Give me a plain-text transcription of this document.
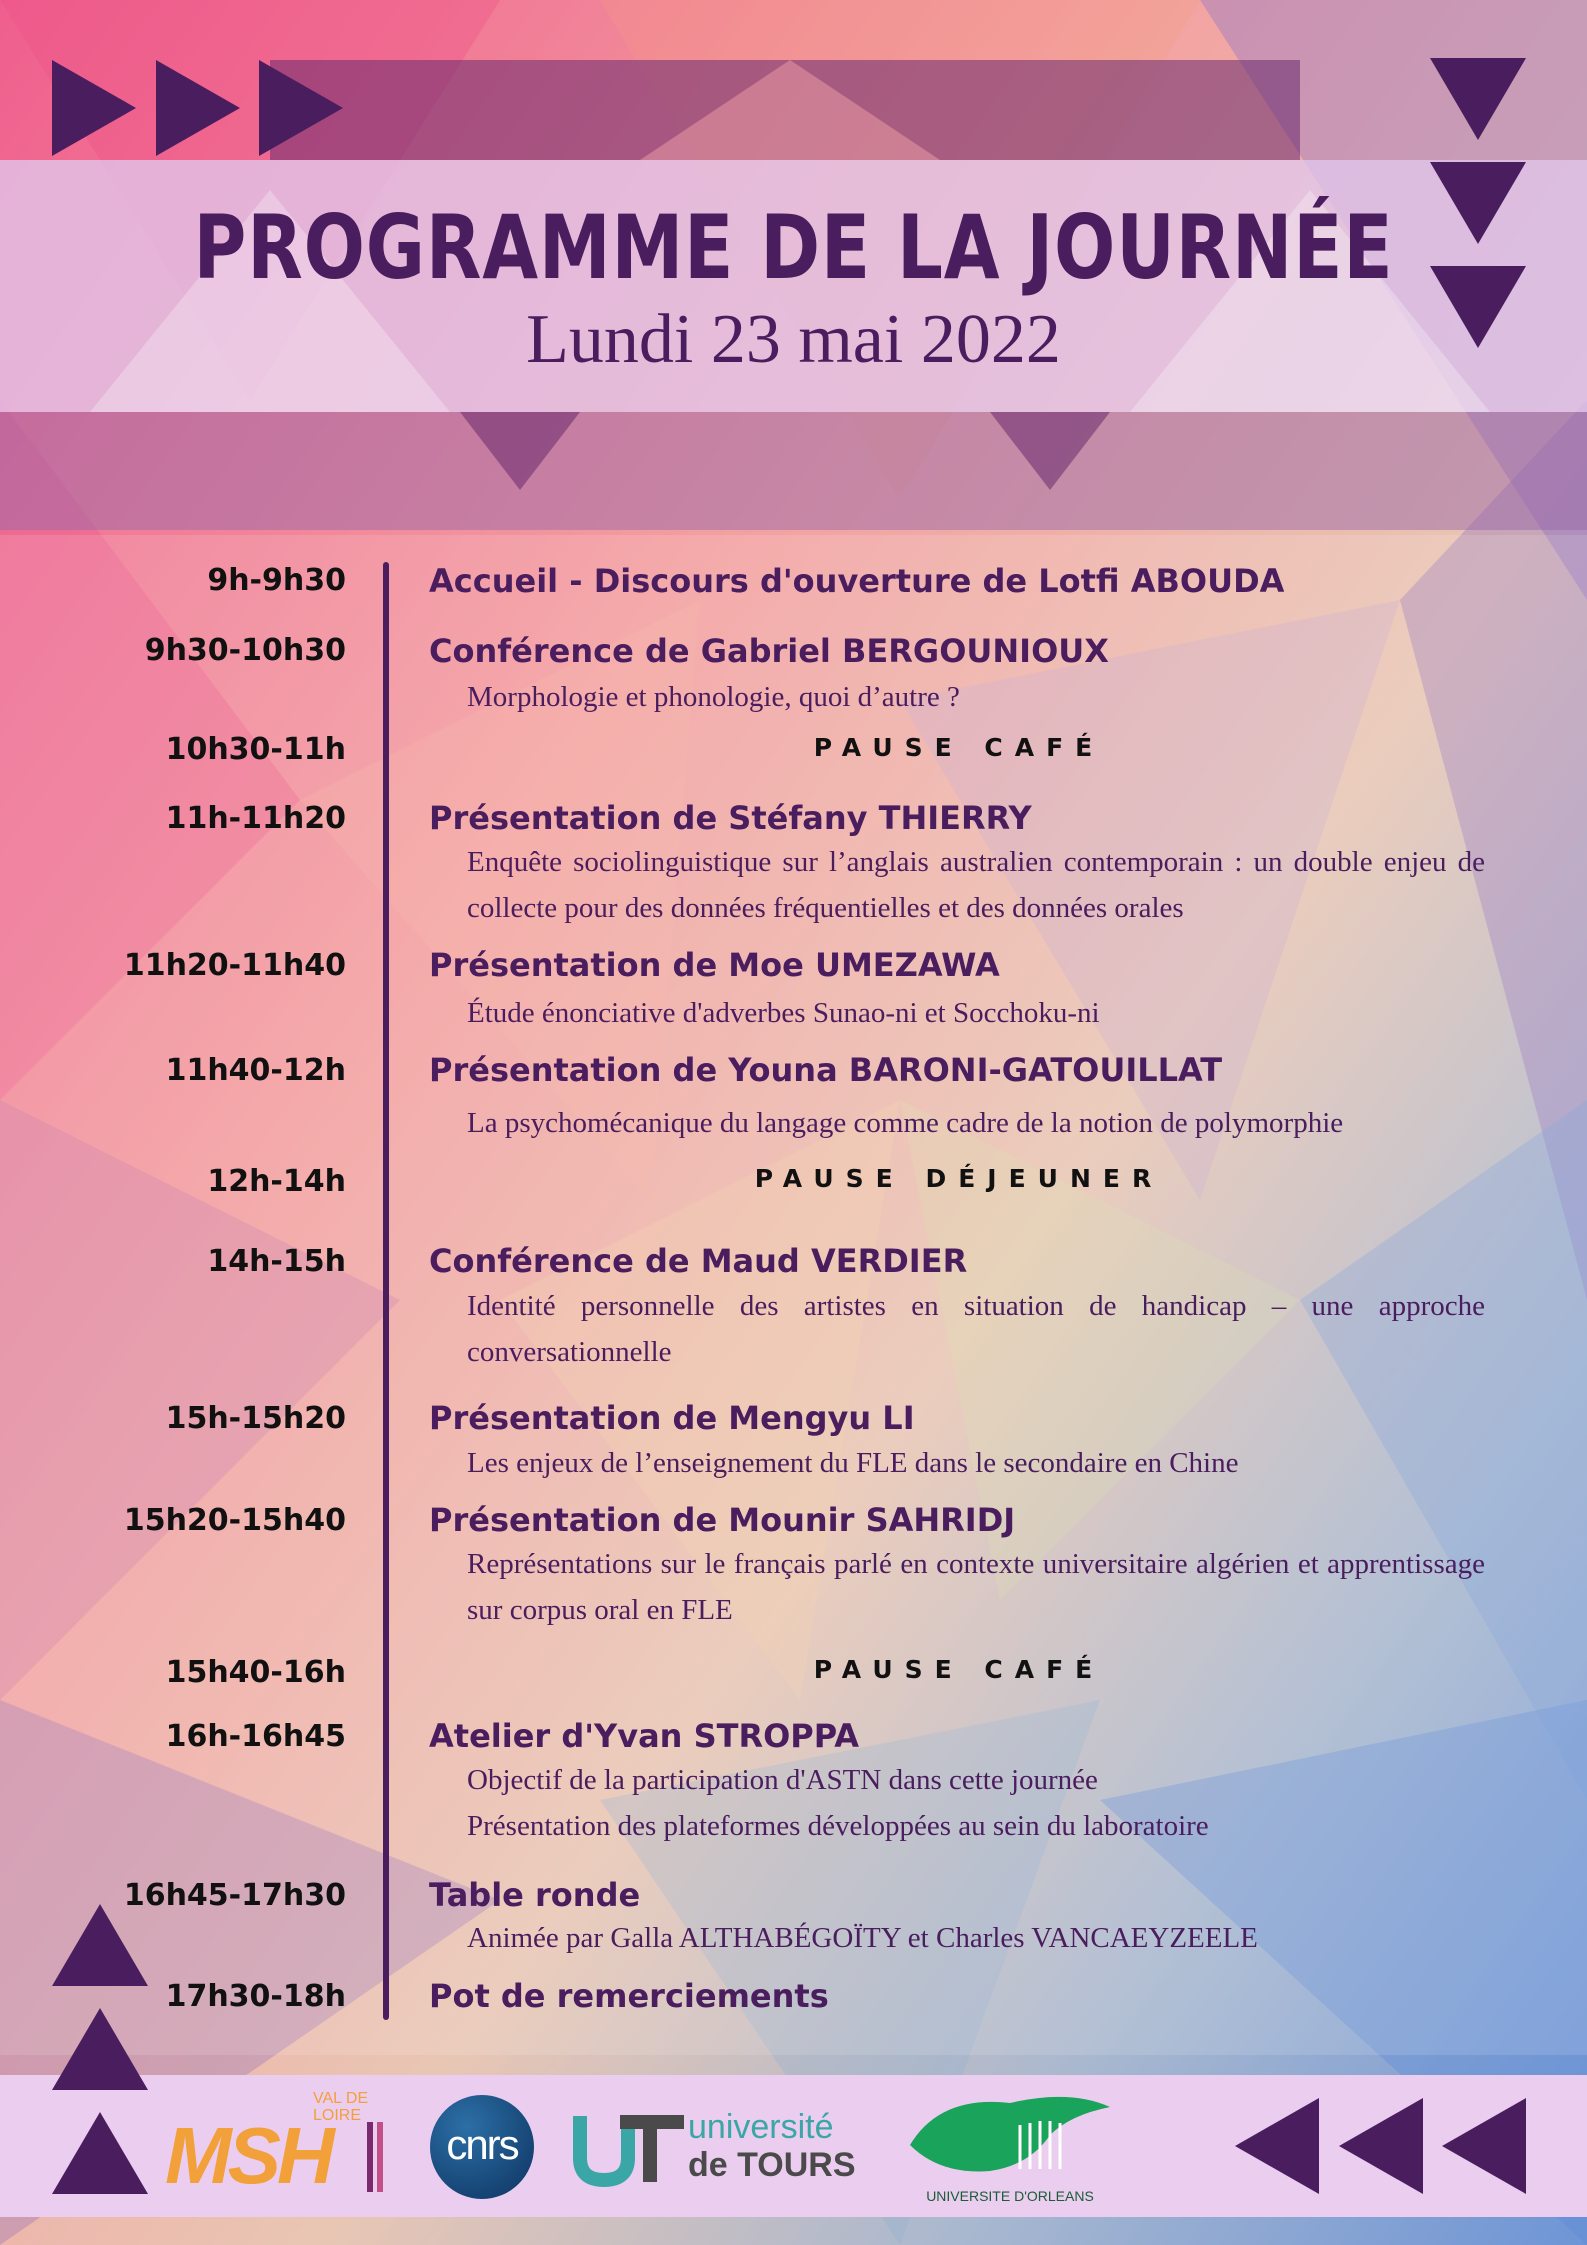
PROGRAMME DE LA JOURNÉE
Lundi 23 mai 2022
9h-9h30	Accueil - Discours d'ouverture de Lotfi ABOUDA
9h30-10h30	Conférence de Gabriel BERGOUNIOUX
Morphologie et phonologie, quoi d’autre ?
10h30-11h	PAUSE CAFÉ
11h-11h20	Présentation de Stéfany THIERRY
Enquête sociolinguistique sur l’anglais australien contemporain : un double enjeu de collecte pour des données fréquentielles et des données orales
11h20-11h40	Présentation de Moe UMEZAWA
Étude énonciative d'adverbes Sunao-ni et Socchoku-ni
11h40-12h	Présentation de Youna BARONI-GATOUILLAT
La psychomécanique du langage comme cadre de la notion de polymorphie
12h-14h	PAUSE DÉJEUNER
14h-15h	Conférence de Maud VERDIER
Identité personnelle des artistes en situation de handicap – une approche conversationnelle
15h-15h20	Présentation de Mengyu LI
Les enjeux de l’enseignement du FLE dans le secondaire en Chine
15h20-15h40	Présentation de Mounir SAHRIDJ
Représentations sur le français parlé en contexte universitaire algérien et apprentissage sur corpus oral en FLE
15h40-16h	PAUSE CAFÉ
16h-16h45	Atelier d'Yvan STROPPA
Objectif de la participation d'ASTN dans cette journée
Présentation des plateformes développées au sein du laboratoire
16h45-17h30	Table ronde
Animée par Galla ALTHABÉGOÏTY et Charles VANCAEYZEELE
17h30-18h	Pot de remerciements
VAL DE LOIRE
MSH	cnrs	université
de TOURS
UNIVERSITE D'ORLEANS
